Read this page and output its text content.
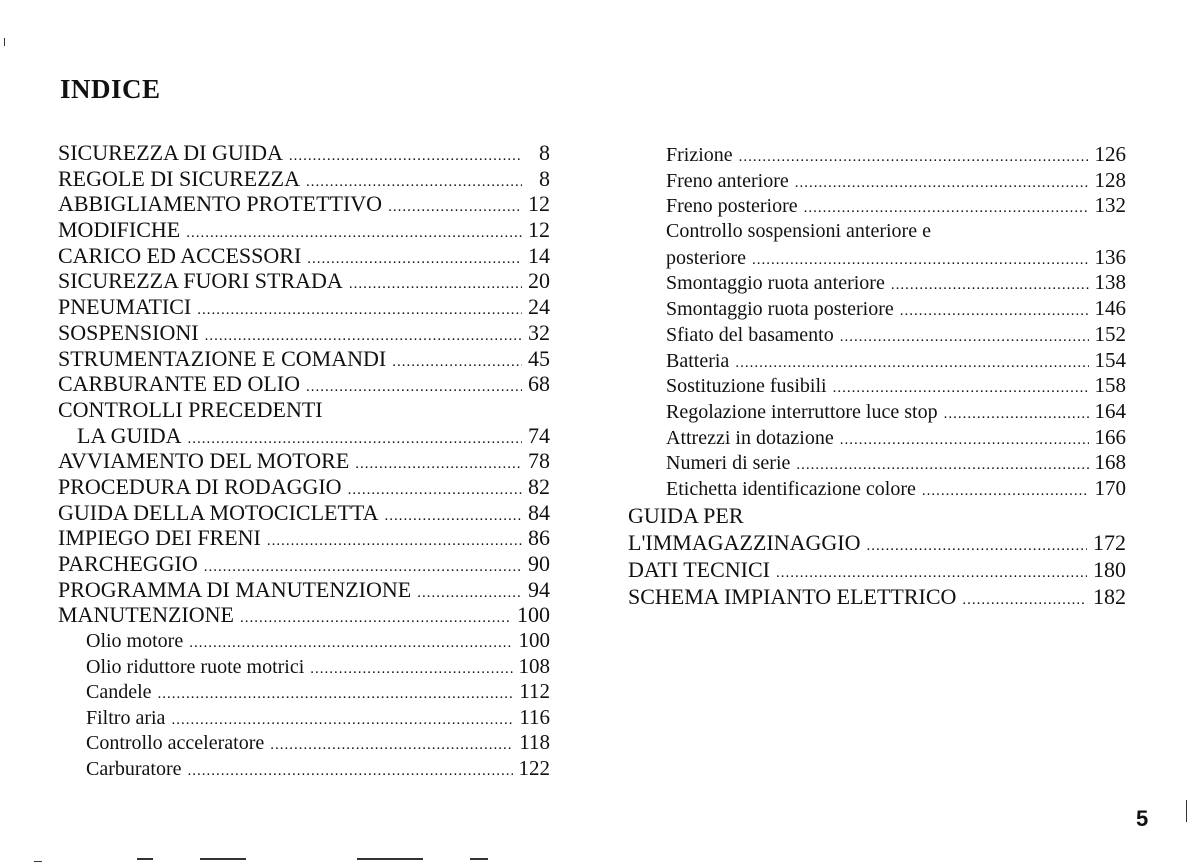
INDICE
SICUREZZA DI GUIDA .....	8
REGOLE DI SICUREZZA .....	8
ABBIGLIAMENTO PROTETTIVO .....	12
MODIFICHE .....	12
CARICO ED ACCESSORI .....	14
SICUREZZA FUORI STRADA .....	20
PNEUMATICI .....	24
SOSPENSIONI .....	32
STRUMENTAZIONE E COMANDI .....	45
CARBURANTE ED OLIO .....	68
CONTROLLI PRECEDENTI
LA GUIDA .....	74
AVVIAMENTO DEL MOTORE .....	78
PROCEDURA DI RODAGGIO .....	82
GUIDA DELLA MOTOCICLETTA .....	84
IMPIEGO DEI FRENI .....	86
PARCHEGGIO .....	90
PROGRAMMA DI MANUTENZIONE .....	94
MANUTENZIONE .....	100
Olio motore .....	100
Olio riduttore ruote motrici .....	108
Candele .....	112
Filtro aria .....	116
Controllo acceleratore .....	118
Carburatore .....	122
Frizione .....	126
Freno anteriore .....	128
Freno posteriore .....	132
Controllo sospensioni anteriore e
posteriore .....	136
Smontaggio ruota anteriore .....	138
Smontaggio ruota posteriore .....	146
Sfiato del basamento .....	152
Batteria .....	154
Sostituzione fusibili .....	158
Regolazione interruttore luce stop .....	164
Attrezzi in dotazione .....	166
Numeri di serie .....	168
Etichetta identificazione colore .....	170
GUIDA PER
L'IMMAGAZZINAGGIO .....	172
DATI TECNICI .....	180
SCHEMA IMPIANTO ELETTRICO .....	182
5
